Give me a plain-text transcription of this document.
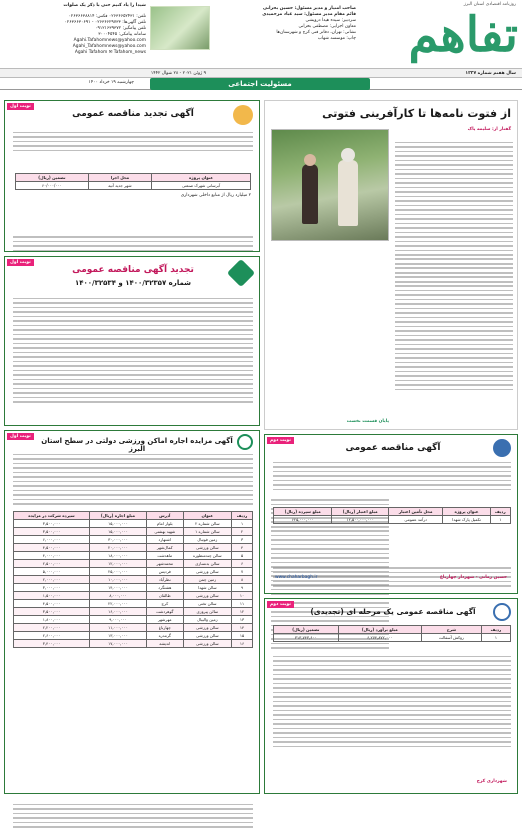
شیدا را یاد کنیم حتی با ذکر یک صلوات
تلفن: ۰۲۶۳۶۶۵۲۴۳۱ فکس: ۰۲۶۳۶۶۳۸۸۱۴
تلفن آگهی‌ها: ۰۲۶۳۶۶۲۹۷۳۳ - ۰۲۶۳۶۶۳۰۶۹۱
تلفن پیامگیر: ۰۹۱۲۱۶۳۹۳۷۲
سامانه پیامکی: ۳۰۰۰۴۵۴۵
Agahi.Tafahomnews@yahoo.com
Agahi_Tafahomnews@yahoo.com
Agahi Tafahom ✉ Tafahom_news
صاحب امتیاز و مدیر مسئول: حسین بحرانی
قائم مقام مدیر مسئول: سید عباد مرحمیدی
سردبیر: سیده هیدا درویشی
معاون اجرایی: مصطفی بحرانی
نشانی: تهران، دفاتر فنی کرج و شهرستان‌ها
چاپ: موسسه شهاب
روزنامه اقتصادی استان البرز
تفاهم
۹ ژوئن ۲۰۲۱ - ۲۸ شوال ۱۴۴۲	سال هفتم شماره ۱۲۲۷
مسئولیت اجتماعی
چهارشنبه ۱۹ خرداد ۱۴۰۰
از فتوت نامه‌ها تا کارآفرینی فتوتی
گفتار از: سلیمه پاک
پایان قسمت نخست
نوبت اول
آگهی تجدید مناقصه عمومی
عنوان پروژه	محل اجرا	تضمین (ریال)
آبرسانی شهرک صنعتی	شهر جدید آتیه	۶۰/۰۰۰/۰۰۰
۲ میلیارد ریال از منابع داخلی شهرداری
نوبت اول
تجدید آگهی مناقصه عمومی
شماره ۱۴۰۰/۳۲۳۵۷ و ۱۴۰۰/۳۲۵۳۴
نوبت اول
آگهی مزایده اجاره اماکن ورزشی دولتی در سطح استان البرز
ردیف	عنوان	آدرس	مبلغ اجاره (ریال)	سپرده شرکت در مزایده
۱	سالن شماره ۲	بلوار امام	۱۵,۰۰۰,۰۰۰	۳,۵۰۰,۰۰۰
۲	سالن شماره ۱	شهید بهشتی	۱۵,۰۰۰,۰۰۰	۳,۵۰۰,۰۰۰
۳	زمین فوتبال	اشتهارد	۳۰,۰۰۰,۰۰۰	۶,۰۰۰,۰۰۰
۴	سالن ورزشی	کمال‌شهر	۲۰,۰۰۰,۰۰۰	۴,۵۰۰,۰۰۰
۵	سالن چندمنظوره	ماهدشت	۱۸,۰۰۰,۰۰۰	۴,۰۰۰,۰۰۰
۶	سالن بدنسازی	محمدشهر	۱۲,۰۰۰,۰۰۰	۲,۵۰۰,۰۰۰
۷	سالن ورزشی	فردیس	۲۵,۰۰۰,۰۰۰	۵,۰۰۰,۰۰۰
۸	زمین چمن	نظرآباد	۱۰,۰۰۰,۰۰۰	۲,۰۰۰,۰۰۰
۹	سالن شهدا	هشتگرد	۱۴,۰۰۰,۰۰۰	۳,۰۰۰,۰۰۰
۱۰	سالن ورزشی	طالقان	۸,۰۰۰,۰۰۰	۱,۵۰۰,۰۰۰
۱۱	سالن تختی	کرج	۲۲,۰۰۰,۰۰۰	۴,۵۰۰,۰۰۰
۱۲	سالن پیروزی	گوهردشت	۱۶,۰۰۰,۰۰۰	۳,۵۰۰,۰۰۰
۱۳	زمین والیبال	مهرشهر	۹,۰۰۰,۰۰۰	۱,۸۰۰,۰۰۰
۱۴	سالن ورزشی	چهارباغ	۱۱,۰۰۰,۰۰۰	۲,۲۰۰,۰۰۰
۱۵	سالن ورزشی	گرمدره	۱۳,۰۰۰,۰۰۰	۲,۶۰۰,۰۰۰
۱۶	سالن ورزشی	اندیشه	۱۷,۰۰۰,۰۰۰	۳,۴۰۰,۰۰۰
نوبت دوم
آگهی مناقصه عمومی
ردیف	عنوان پروژه	محل تأمین اعتبار	مبلغ اعتبار (ریال)	مبلغ سپرده (ریال)
۱	تکمیل پارک شهدا	درآمد عمومی	۱۲,۵۰۰,۰۰۰,۰۰۰	۶۲۵,۰۰۰,۰۰۰
www.chaharbagh.ir	حسین زمانی - شهردار چهارباغ
نوبت دوم
آگهی مناقصه عمومی یک مرحله ای (تجدیدی)
ردیف	شرح	مبلغ برآورد (ریال)	تضمین (ریال)
۱	روکش آسفالت	۶,۲۷۴,۸۷۲,۰۰۰	۳۱۳,۷۴۳,۶۰۰
شهرداری کرج
